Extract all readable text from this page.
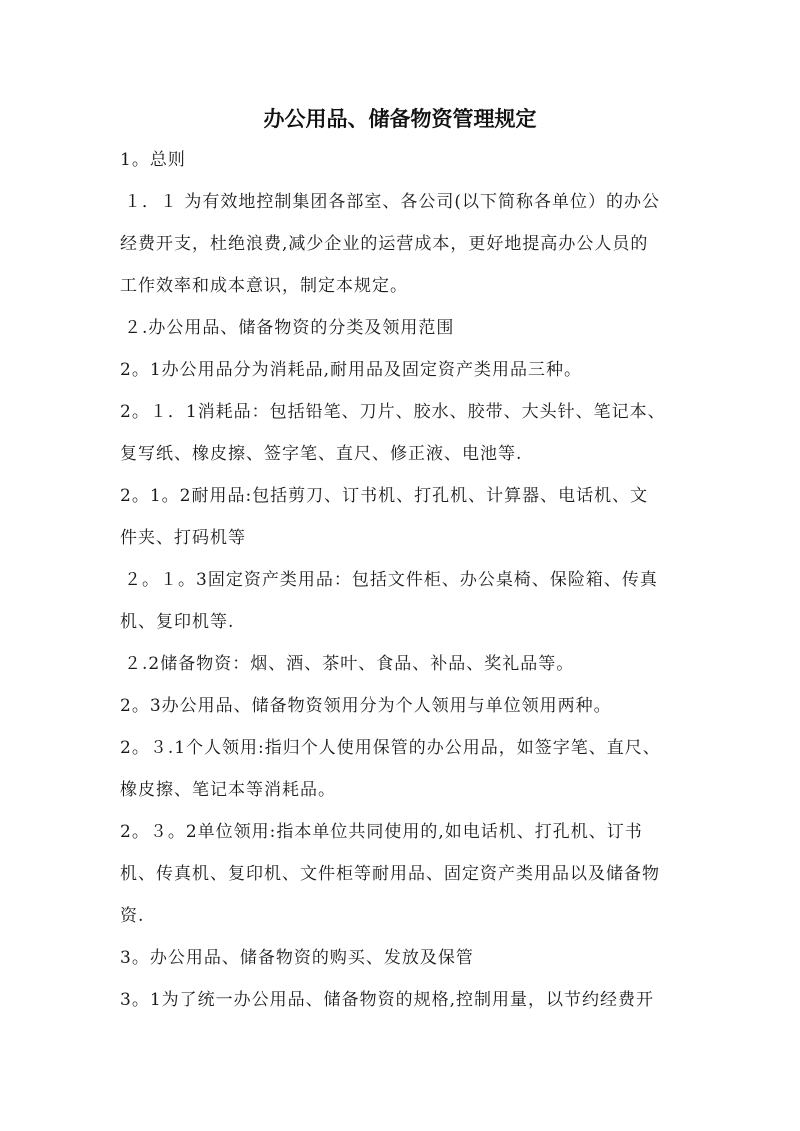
办公用品、储备物资管理规定
1。总则
１．１ 为有效地控制集团各部室、各公司(以下简称各单位）的办公
经费开支，杜绝浪费,减少企业的运营成本，更好地提高办公人员的
工作效率和成本意识，制定本规定。
２.办公用品、储备物资的分类及领用范围
2。1办公用品分为消耗品,耐用品及固定资产类用品三种。
2。１．1消耗品：包括铅笔、刀片、胶水、胶带、大头针、笔记本、
复写纸、橡皮擦、签字笔、直尺、修正液、电池等.
2。1。2耐用品:包括剪刀、订书机、打孔机、计算器、电话机、文
件夹、打码机等
２。１。3固定资产类用品：包括文件柜、办公桌椅、保险箱、传真
机、复印机等.
２.2储备物资：烟、酒、茶叶、食品、补品、奖礼品等。
2。3办公用品、储备物资领用分为个人领用与单位领用两种。
2。３.1个人领用:指归个人使用保管的办公用品，如签字笔、直尺、
橡皮擦、笔记本等消耗品。
2。３。2单位领用:指本单位共同使用的,如电话机、打孔机、订书
机、传真机、复印机、文件柜等耐用品、固定资产类用品以及储备物
资.
3。办公用品、储备物资的购买、发放及保管
3。1为了统一办公用品、储备物资的规格,控制用量，以节约经费开
